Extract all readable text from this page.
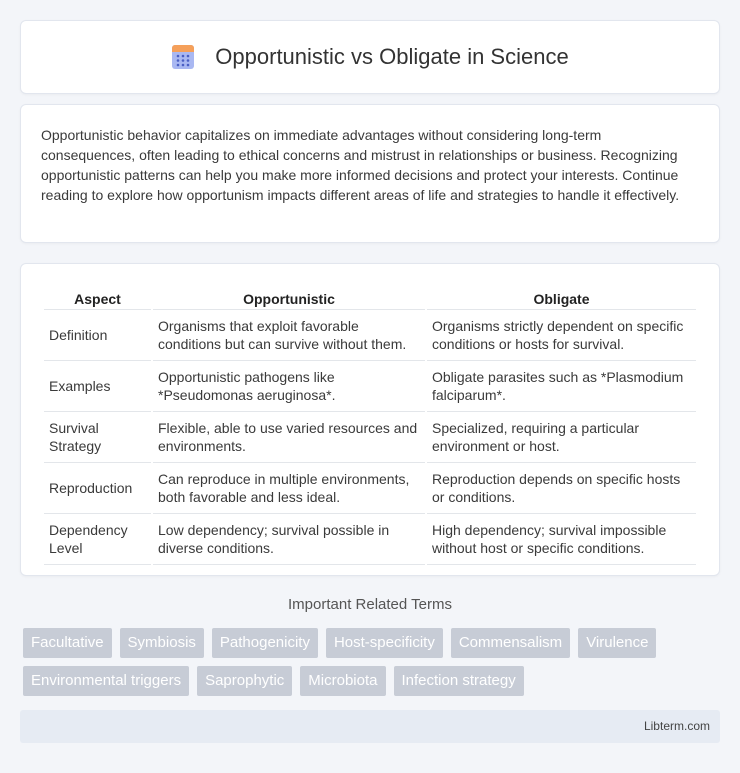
Opportunistic vs Obligate in Science

Opportunistic behavior capitalizes on immediate advantages without considering long-term consequences, often leading to ethical concerns and mistrust in relationships or business. Recognizing opportunistic patterns can help you make more informed decisions and protect your interests. Continue reading to explore how opportunism impacts different areas of life and strategies to handle it effectively.

Aspect	Opportunistic	Obligate
Definition	Organisms that exploit favorable conditions but can survive without them.	Organisms strictly dependent on specific conditions or hosts for survival.
Examples	Opportunistic pathogens like *Pseudomonas aeruginosa*.	Obligate parasites such as *Plasmodium falciparum*.
Survival Strategy	Flexible, able to use varied resources and environments.	Specialized, requiring a particular environment or host.
Reproduction	Can reproduce in multiple environments, both favorable and less ideal.	Reproduction depends on specific hosts or conditions.
Dependency Level	Low dependency; survival possible in diverse conditions.	High dependency; survival impossible without host or specific conditions.
Important Related Terms
Facultative	Symbiosis	Pathogenicity	Host-specificity	Commensalism	Virulence
Environmental triggers	Saprophytic	Microbiota	Infection strategy
Libterm.com
